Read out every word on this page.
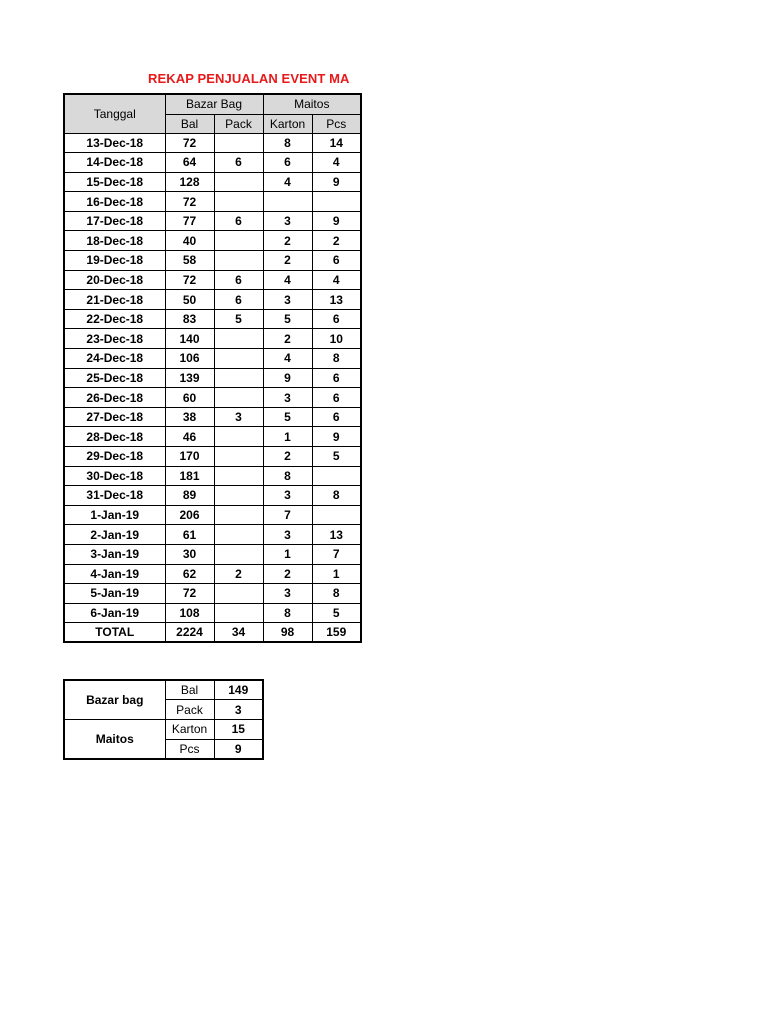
REKAP PENJUALAN EVENT MA
Tanggal	Bazar Bag		Maitos	
	Bal	Pack	Karton	Pcs
13-Dec-18	72		8	14
14-Dec-18	64	6	6	4
15-Dec-18	128		4	9
16-Dec-18	72			
17-Dec-18	77	6	3	9
18-Dec-18	40		2	2
19-Dec-18	58		2	6
20-Dec-18	72	6	4	4
21-Dec-18	50	6	3	13
22-Dec-18	83	5	5	6
23-Dec-18	140		2	10
24-Dec-18	106		4	8
25-Dec-18	139		9	6
26-Dec-18	60		3	6
27-Dec-18	38	3	5	6
28-Dec-18	46		1	9
29-Dec-18	170		2	5
30-Dec-18	181		8	
31-Dec-18	89		3	8
1-Jan-19	206		7	
2-Jan-19	61		3	13
3-Jan-19	30		1	7
4-Jan-19	62	2	2	1
5-Jan-19	72		3	8
6-Jan-19	108		8	5
TOTAL	2224	34	98	159
Bazar bag	Bal	149
	Pack	3
Maitos	Karton	15
	Pcs	9
